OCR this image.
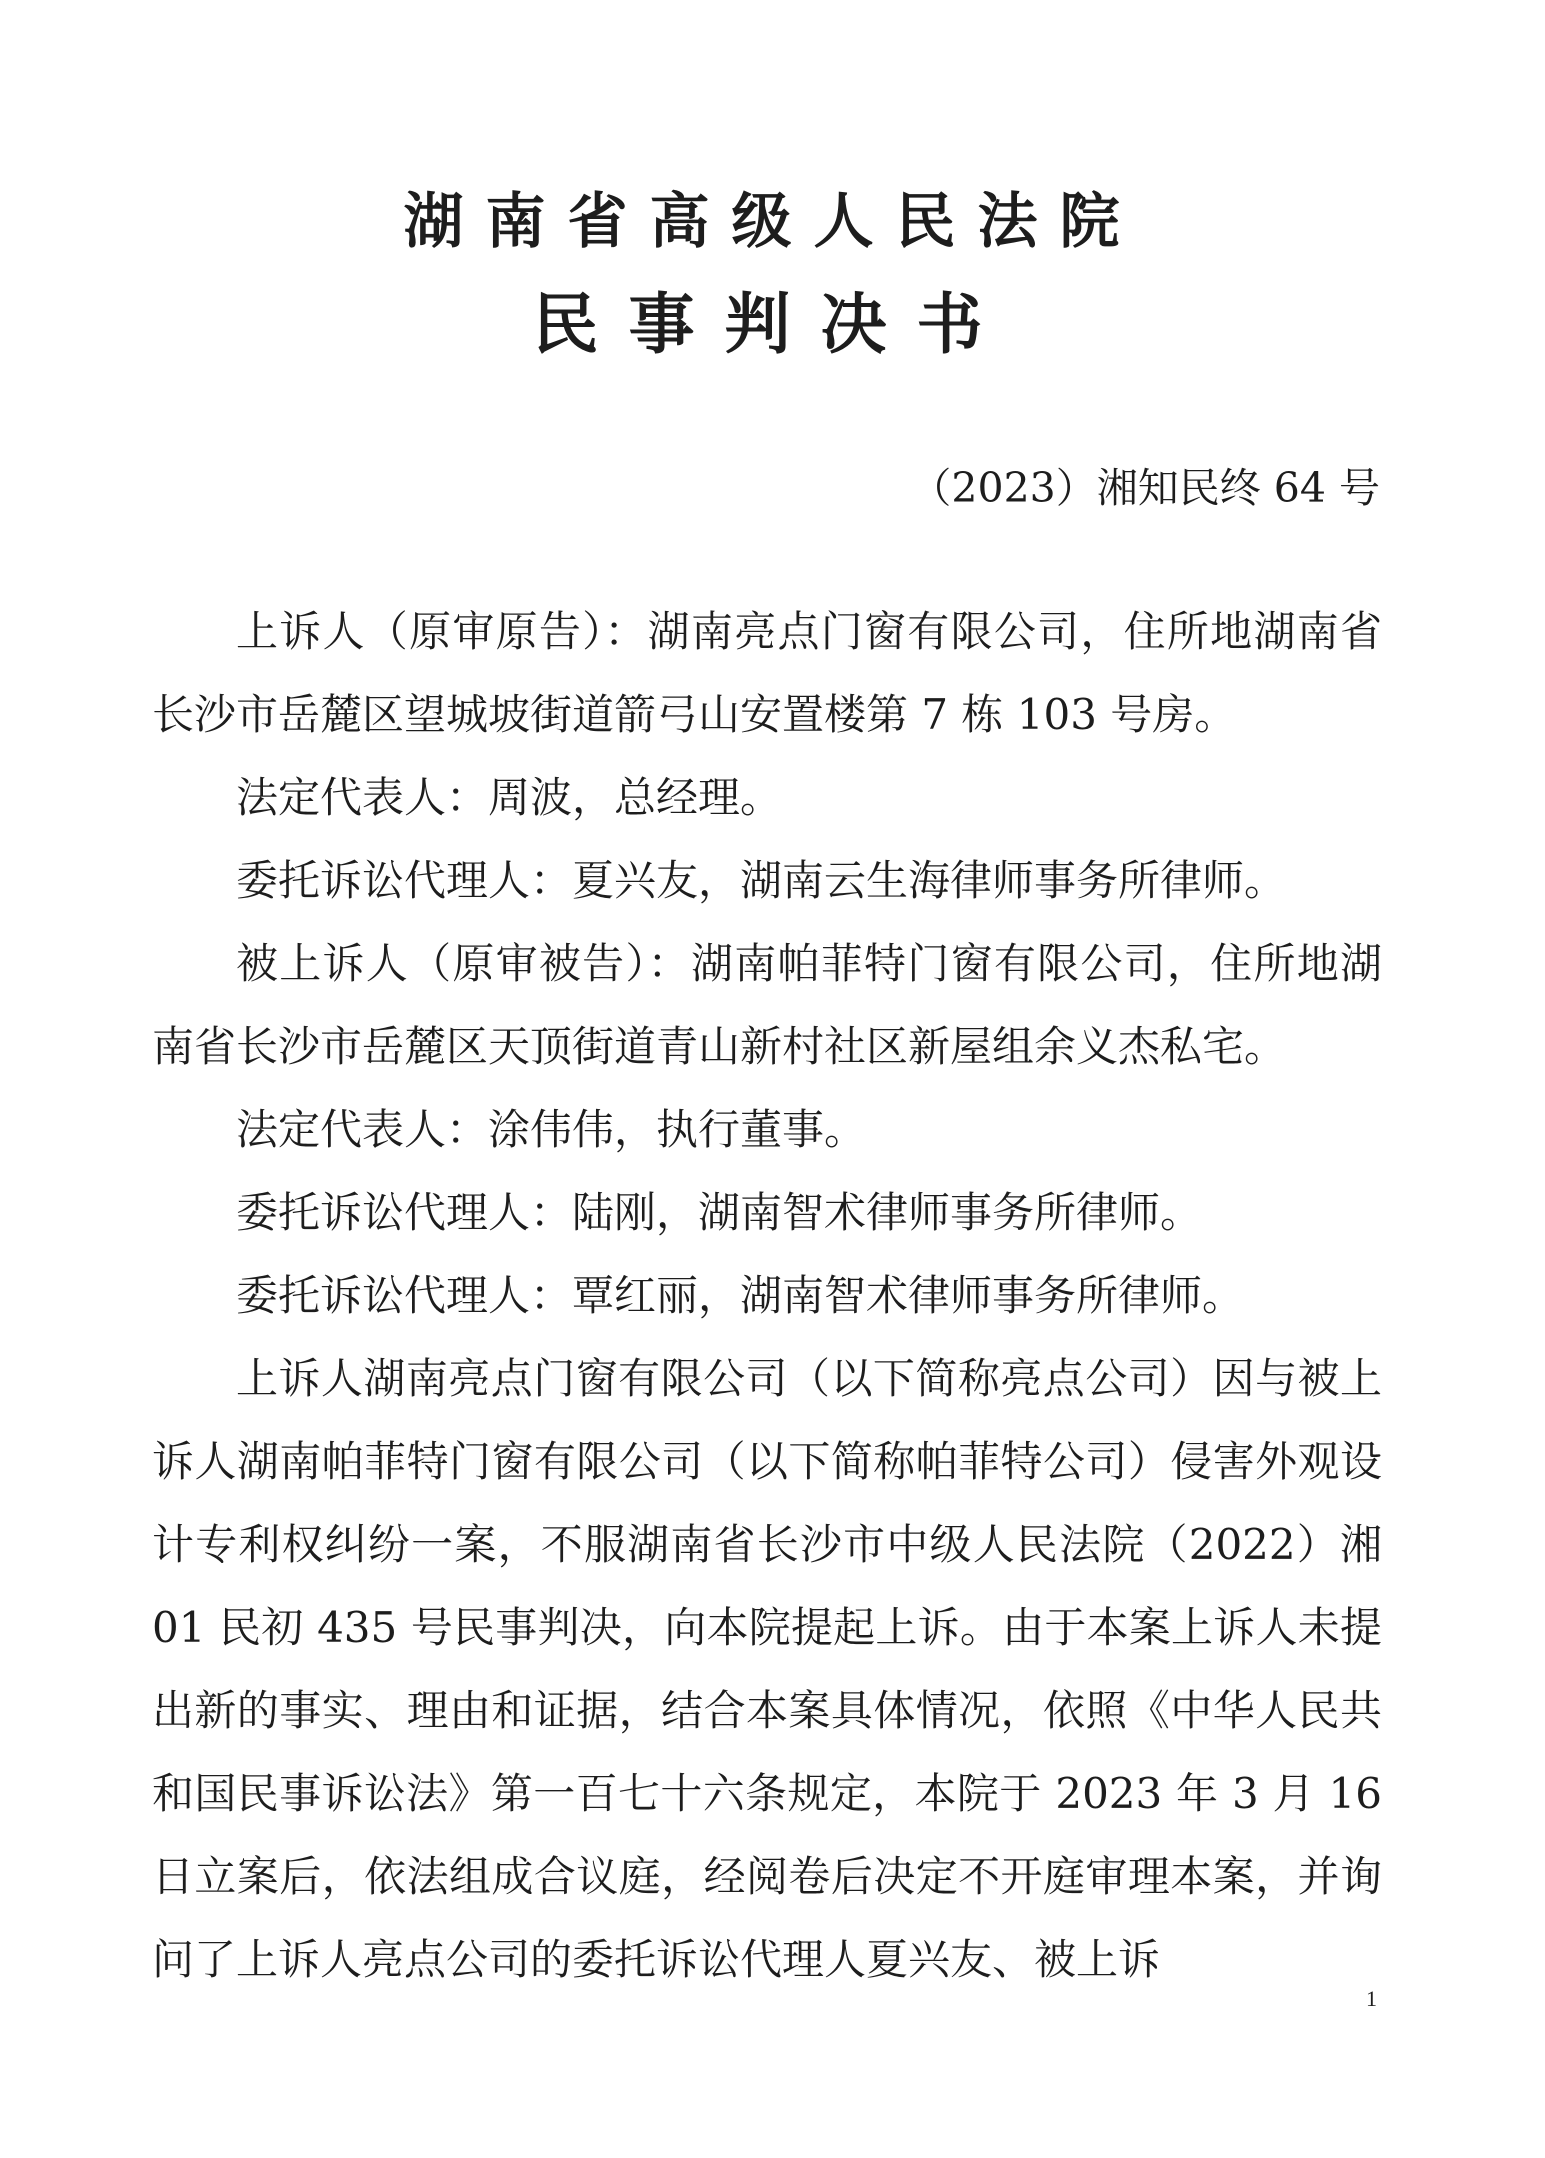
湖南省高级人民法院
民事判决书
（2023）湘知民终 64 号

上诉人（原审原告）：湖南亮点门窗有限公司，住所地湖南省长沙市岳麓区望城坡街道箭弓山安置楼第 7 栋 103 号房。

法定代表人：周波，总经理。

委托诉讼代理人：夏兴友，湖南云生海律师事务所律师。

被上诉人（原审被告）：湖南帕菲特门窗有限公司，住所地湖南省长沙市岳麓区天顶街道青山新村社区新屋组余义杰私宅。

法定代表人：涂伟伟，执行董事。

委托诉讼代理人：陆刚，湖南智术律师事务所律师。

委托诉讼代理人：覃红丽，湖南智术律师事务所律师。

上诉人湖南亮点门窗有限公司（以下简称亮点公司）因与被上诉人湖南帕菲特门窗有限公司（以下简称帕菲特公司）侵害外观设计专利权纠纷一案，不服湖南省长沙市中级人民法院（2022）湘 01 民初 435 号民事判决，向本院提起上诉。由于本案上诉人未提出新的事实、理由和证据，结合本案具体情况，依照《中华人民共和国民事诉讼法》第一百七十六条规定，本院于 2023 年 3 月 16 日立案后，依法组成合议庭，经阅卷后决定不开庭审理本案，并询问了上诉人亮点公司的委托诉讼代理人夏兴友、被上诉

1
